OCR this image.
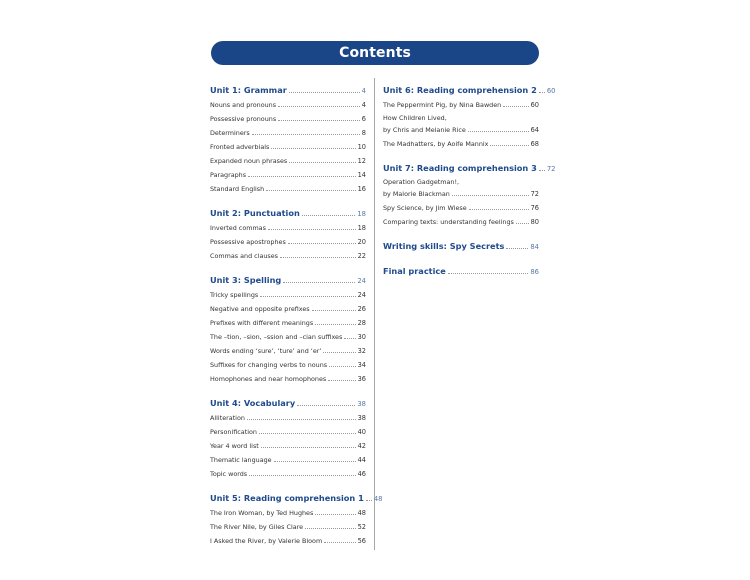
Contents
Unit 1: Grammar	4
Nouns and pronouns	4
Possessive pronouns	6
Determiners	8
Fronted adverbials	10
Expanded noun phrases	12
Paragraphs	14
Standard English	16
Unit 2: Punctuation	18
Inverted commas	18
Possessive apostrophes	20
Commas and clauses	22
Unit 3: Spelling	24
Tricky spellings	24
Negative and opposite prefixes	26
Prefixes with different meanings	28
The –tion, –sion, –ssion and –cian suffixes 30
Words ending ‘sure’, ‘ture’ and ‘er’	32
Suffixes for changing verbs to nouns	34
Homophones and near homophones	36
Unit 4: Vocabulary	38
Alliteration	38
Personification	40
Year 4 word list	42
Thematic language	44
Topic words	46
Unit 5: Reading comprehension 1 48
The Iron Woman, by Ted Hughes	48
The River Nile, by Giles Clare	52
I Asked the River, by Valerie Bloom	56
Unit 6: Reading comprehension 2 60
The Peppermint Pig, by Nina Bawden	60
How Children Lived,
by Chris and Melanie Rice	64
The Madhatters, by Aoife Mannix	68
Unit 7: Reading comprehension 3 72
Operation Gadgetman!,
by Malorie Blackman	72
Spy Science, by Jim Wiese	76
Comparing texts: understanding feelings	80
Writing skills: Spy Secrets	84
Final practice	86
